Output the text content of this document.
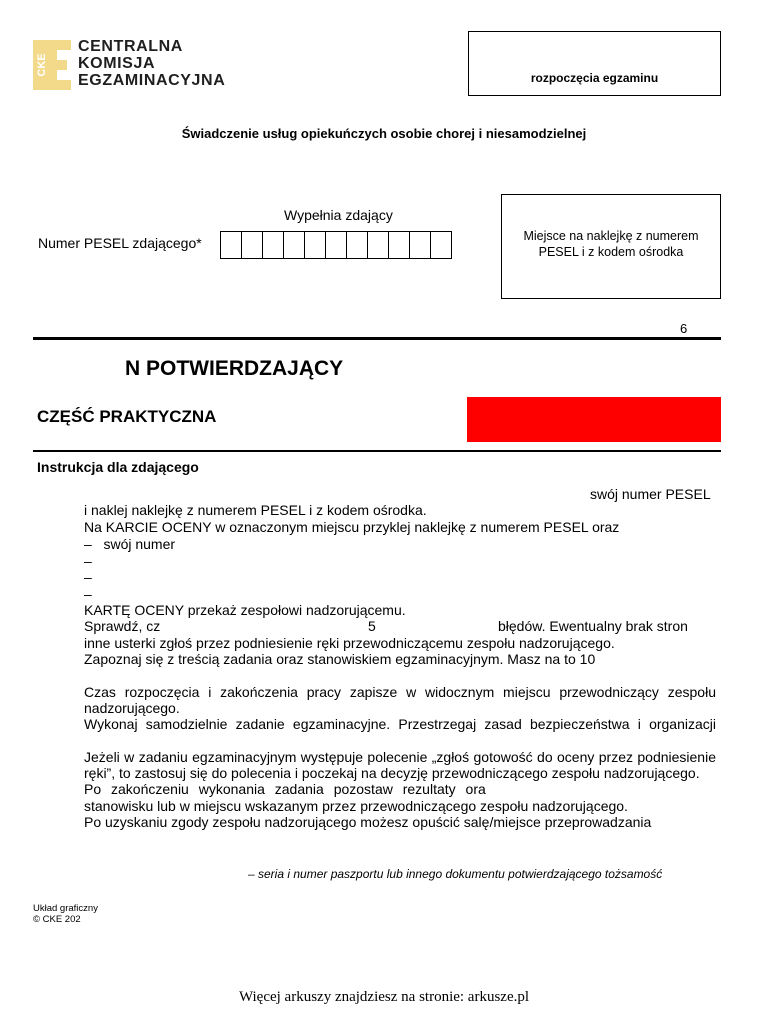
CKE
CENTRALNA
KOMISJA
EGZAMINACYJNA	rozpoczęcia egzaminu
Świadczenie usług opiekuńczych osobie chorej i niesamodzielnej
Wypełnia zdający
Numer PESEL zdającego*	Miejsce na naklejkę z numerem PESEL i z kodem ośrodka
6
N POTWIERDZAJĄCY
CZĘŚĆ PRAKTYCZNA
Instrukcja dla zdającego
swój numer PESEL
i naklej naklejkę z numerem PESEL i z kodem ośrodka.
Na KARCIE OCENY w oznaczonym miejscu przyklej naklejkę z numerem PESEL oraz
–   swój numer
–
–
–
KARTĘ OCENY przekaż zespołowi nadzorującemu.
Sprawdź, cz	5	błędów. Ewentualny brak stron
inne usterki zgłoś przez podniesienie ręki przewodniczącemu zespołu nadzorującego.
Zapoznaj się z treścią zadania oraz stanowiskiem egzaminacyjnym. Masz na to 10
Czas rozpoczęcia i zakończenia pracy zapisze w widocznym miejscu przewodniczący zespołu
nadzorującego.
Wykonaj samodzielnie zadanie egzaminacyjne. Przestrzegaj zasad bezpieczeństwa i organizacji
Jeżeli w zadaniu egzaminacyjnym występuje polecenie „zgłoś gotowość do oceny przez podniesienie
ręki”, to zastosuj się do polecenia i poczekaj na decyzję przewodniczącego zespołu nadzorującego.
Po zakończeniu wykonania zadania pozostaw rezultaty ora
stanowisku lub w miejscu wskazanym przez przewodniczącego zespołu nadzorującego.
Po uzyskaniu zgody zespołu nadzorującego możesz opuścić salę/miejsce przeprowadzania
– seria i numer paszportu lub innego dokumentu potwierdzającego tożsamość
Układ graficzny
© CKE 202
Więcej arkuszy znajdziesz na stronie: arkusze.pl
